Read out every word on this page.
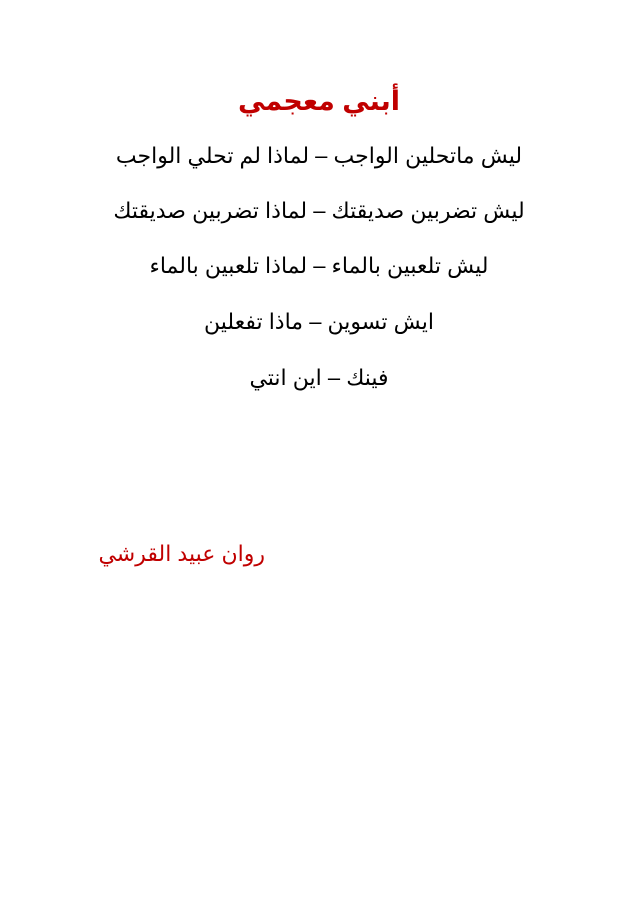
أبني معجمي
ليش ماتحلين الواجب – لماذا لم تحلي الواجب
ليش تضربين صديقتك – لماذا تضربين صديقتك
ليش تلعبين بالماء – لماذا تلعبين بالماء
ايش تسوين – ماذا تفعلين
فينك – اين انتي
روان عبيد القرشي
